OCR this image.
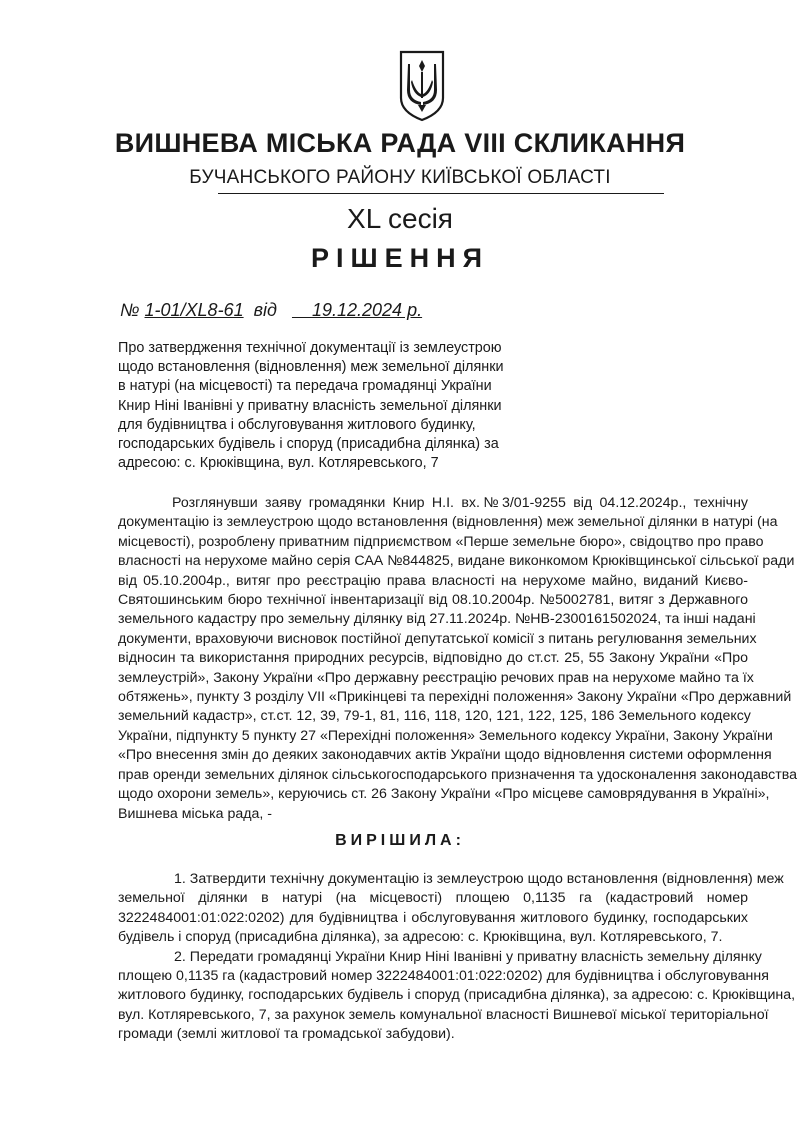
ВИШНЕВА МІСЬКА РАДА VIII СКЛИКАННЯ
БУЧАНСЬКОГО РАЙОНУ КИЇВСЬКОЇ ОБЛАСТІ
XL сесія
РІШЕННЯ
№ 1-01/XL8-61 від 19.12.2024 р.
Про затвердження технічної документації із землеустрою
щодо встановлення (відновлення) меж земельної ділянки
в натурі (на місцевості) та передача громадянці України
Книр Ніні Іванівні у приватну власність земельної ділянки
для будівництва і обслуговування житлового будинку,
господарських будівель і споруд (присадибна ділянка) за
адресою: с. Крюківщина, вул. Котляревського, 7
Розглянувши заяву громадянки Книр Н.І. вх.№3/01-9255 від 04.12.2024р., технічну
документацію із землеустрою щодо встановлення (відновлення) меж земельної ділянки в натурі (на
місцевості), розроблену приватним підприємством «Перше земельне бюро», свідоцтво про право
власності на нерухоме майно серія САА №844825, видане виконкомом Крюківщинської сільської ради
від 05.10.2004р., витяг про реєстрацію права власності на нерухоме майно, виданий Києво-
Святошинським бюро технічної інвентаризації від 08.10.2004р. №5002781, витяг з Державного
земельного кадастру про земельну ділянку від 27.11.2024р. №НВ-2300161502024, та інші надані
документи, враховуючи висновок постійної депутатської комісії з питань регулювання земельних
відносин та використання природних ресурсів, відповідно до ст.ст. 25, 55 Закону України «Про
землеустрій», Закону України «Про державну реєстрацію речових прав на нерухоме майно та їх
обтяжень», пункту 3 розділу VII «Прикінцеві та перехідні положення» Закону України «Про державний
земельний кадастр», ст.ст. 12, 39, 79-1, 81, 116, 118, 120, 121, 122, 125, 186 Земельного кодексу
України, підпункту 5 пункту 27 «Перехідні положення» Земельного кодексу України, Закону України
«Про внесення змін до деяких законодавчих актів України щодо відновлення системи оформлення
прав оренди земельних ділянок сільськогосподарського призначення та удосконалення законодавства
щодо охорони земель», керуючись ст. 26 Закону України «Про місцеве самоврядування в Україні»,
Вишнева міська рада, -
ВИРІШИЛА:
1. Затвердити технічну документацію із землеустрою щодо встановлення (відновлення) меж
земельної ділянки в натурі (на місцевості) площею 0,1135 га (кадастровий номер
3222484001:01:022:0202) для будівництва і обслуговування житлового будинку, господарських
будівель і споруд (присадибна ділянка), за адресою: с. Крюківщина, вул. Котляревського, 7.
2. Передати громадянці України Книр Ніні Іванівні у приватну власність земельну ділянку
площею 0,1135 га (кадастровий номер 3222484001:01:022:0202) для будівництва і обслуговування
житлового будинку, господарських будівель і споруд (присадибна ділянка), за адресою: с. Крюківщина,
вул. Котляревського, 7, за рахунок земель комунальної власності Вишневої міської територіальної
громади (землі житлової та громадської забудови).
